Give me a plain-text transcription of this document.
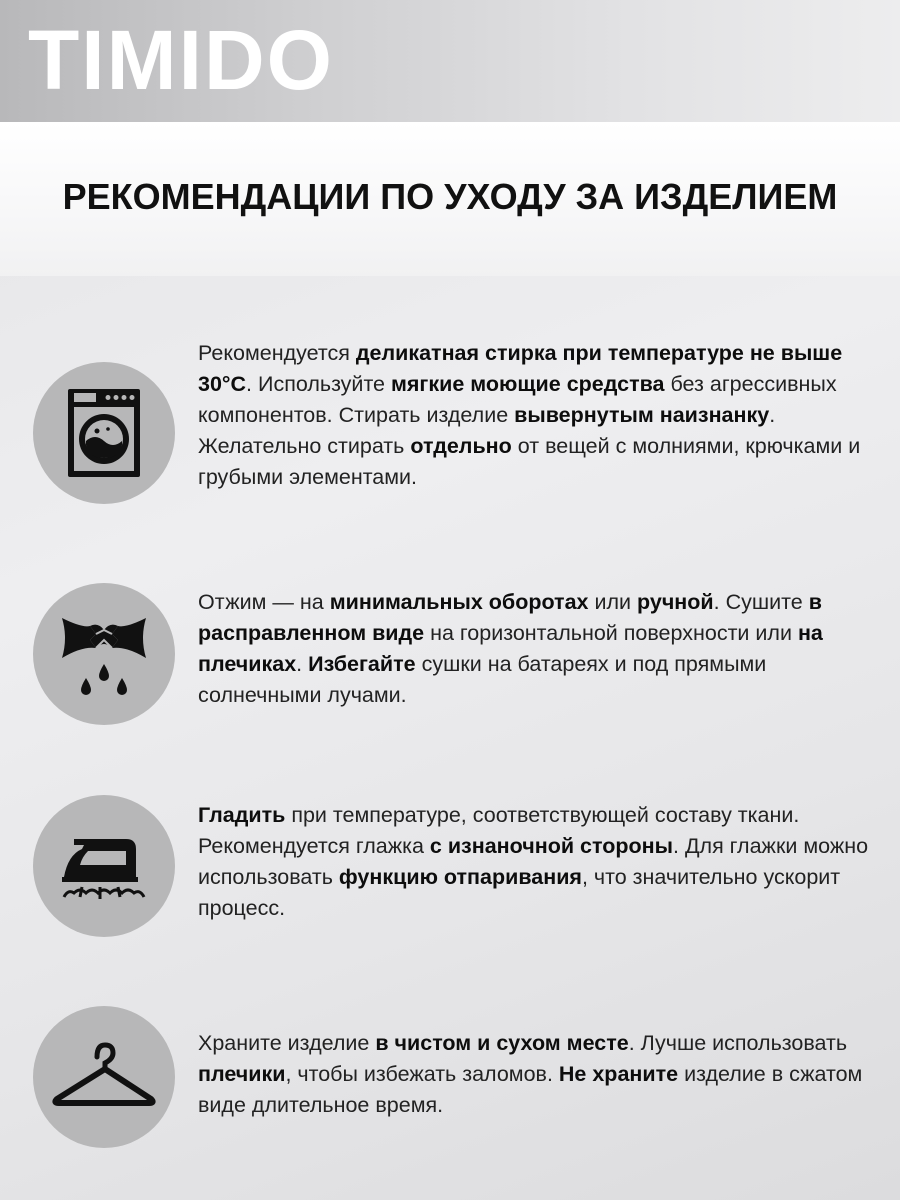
TIMIDO
РЕКОМЕНДАЦИИ ПО УХОДУ ЗА ИЗДЕЛИЕМ
Рекомендуется деликатная стирка при температуре не выше 30°C. Используйте мягкие моющие средства без агрессивных компонентов. Стирать изделие вывернутым наизнанку. Желательно стирать отдельно от вещей с молниями, крючками и грубыми элементами.
Отжим — на минимальных оборотах или ручной. Сушите в расправленном виде на горизонтальной поверхности или на плечиках. Избегайте сушки на батареях и под прямыми солнечными лучами.
Гладить при температуре, соответствующей составу ткани. Рекомендуется глажка с изнаночной стороны. Для глажки можно использовать функцию отпаривания, что значительно ускорит процесс.
Храните изделие в чистом и сухом месте. Лучше использовать плечики, чтобы избежать заломов. Не храните изделие в сжатом виде длительное время.
